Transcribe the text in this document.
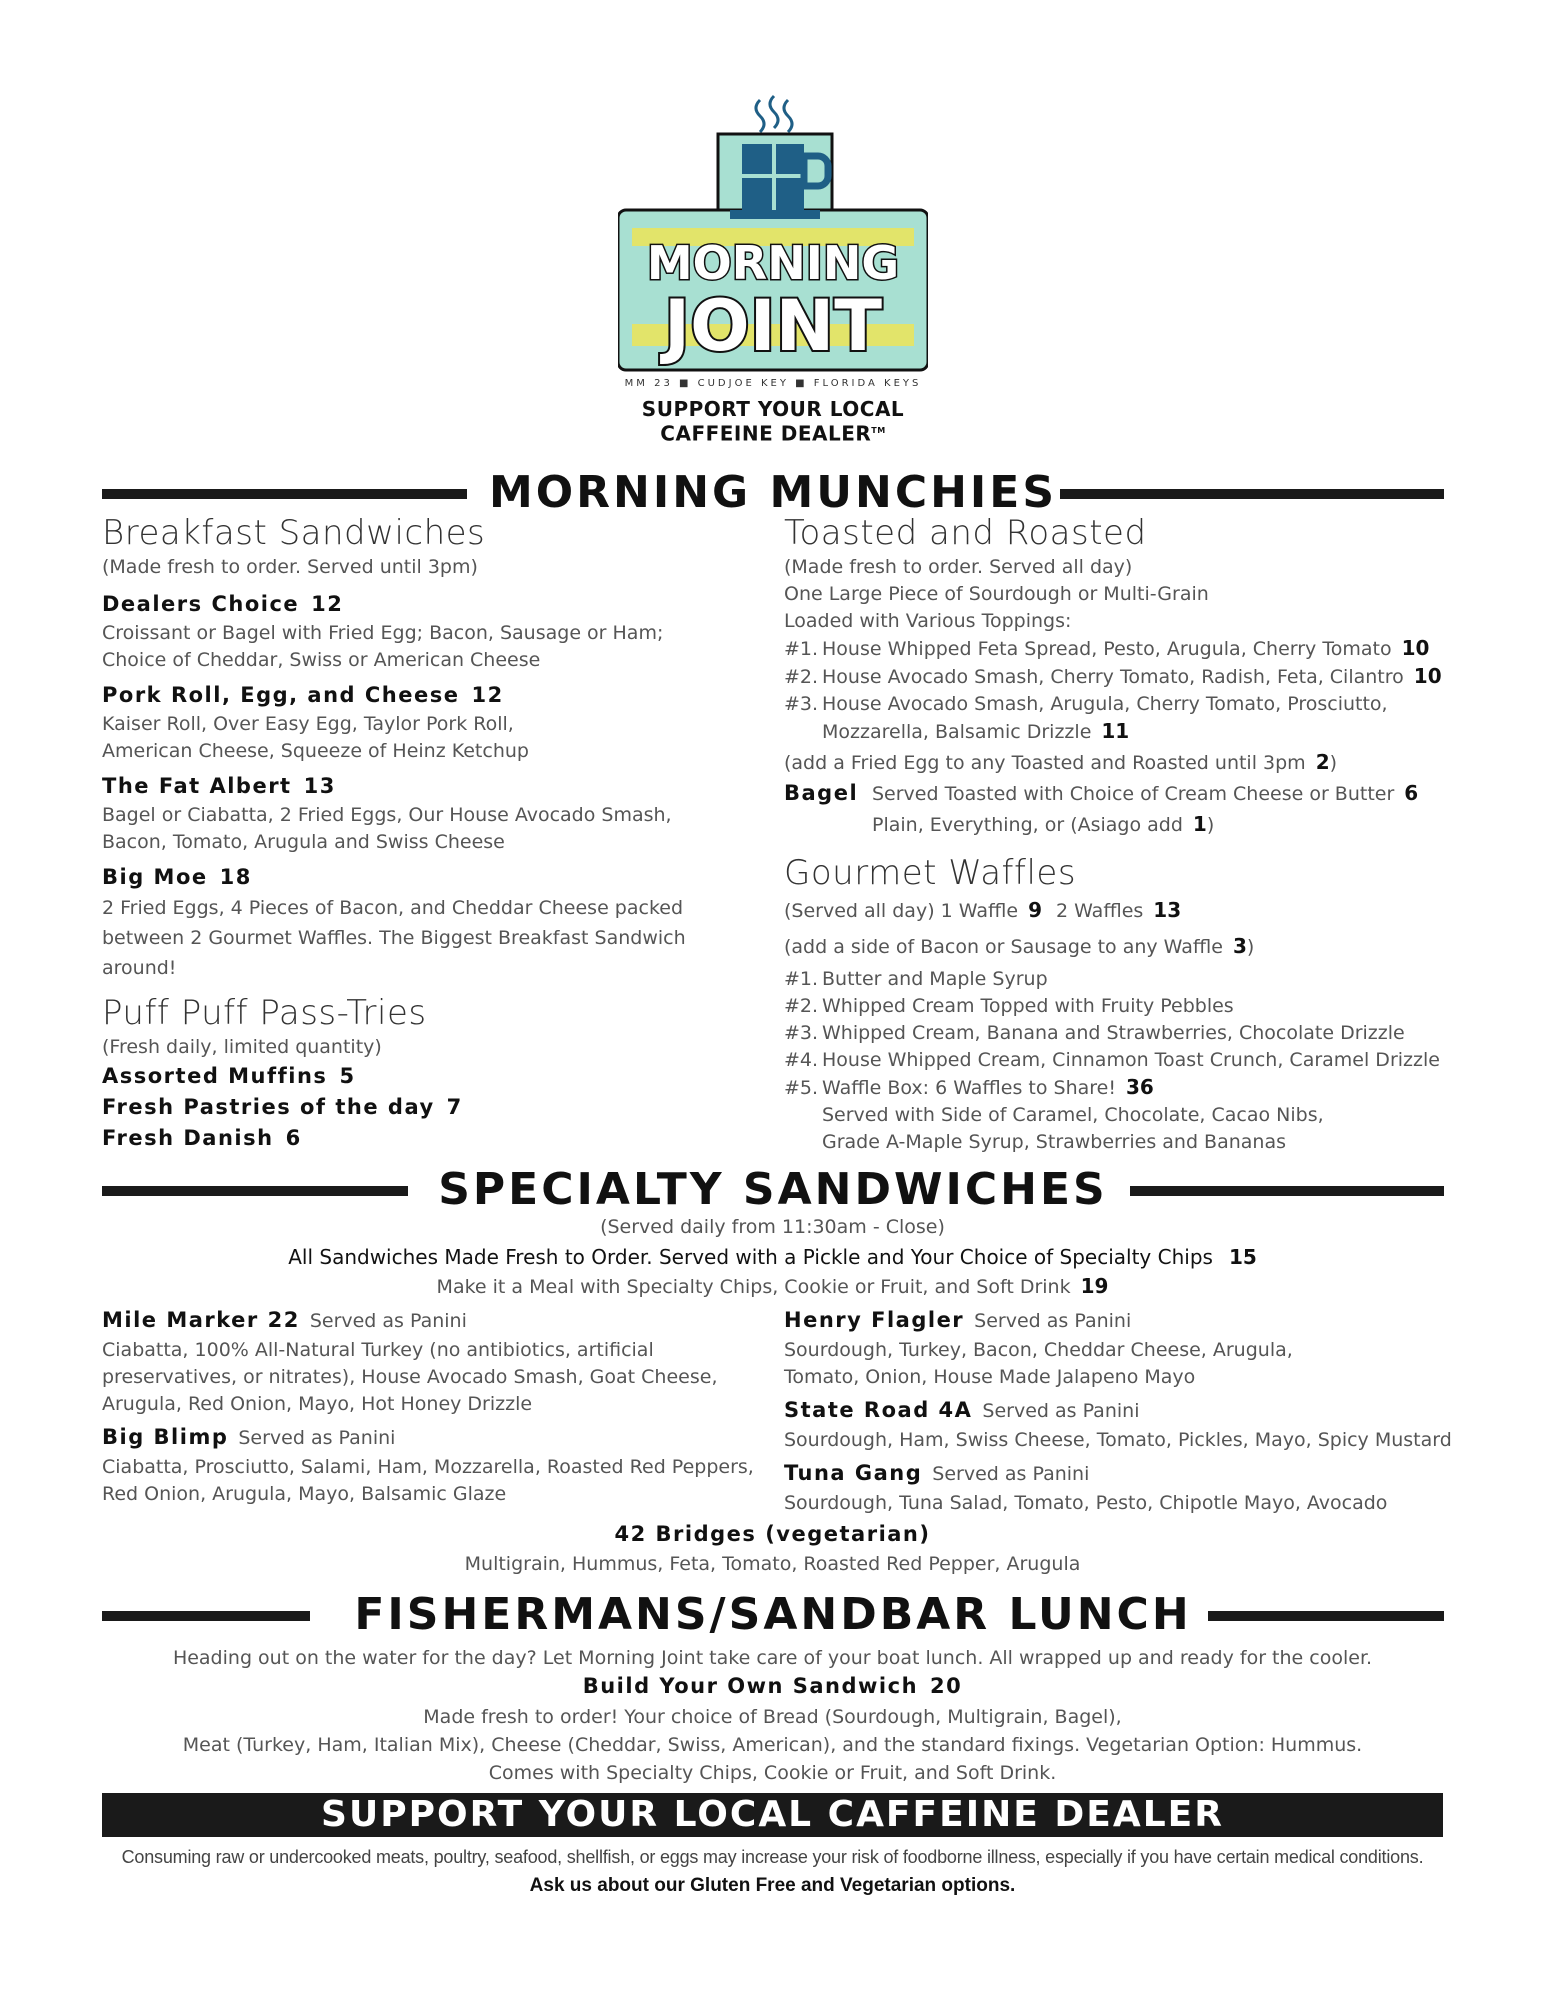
MORNING
JOINT
MM 23 ■ CUDJOE KEY ■ FLORIDA KEYS
SUPPORT YOUR LOCAL
CAFFEINE DEALER™
MORNING MUNCHIES
Breakfast Sandwiches
(Made fresh to order. Served until 3pm)
Dealers Choice 12
Croissant or Bagel with Fried Egg; Bacon, Sausage or Ham;
Choice of Cheddar, Swiss or American Cheese
Pork Roll, Egg, and Cheese 12
Kaiser Roll, Over Easy Egg, Taylor Pork Roll,
American Cheese, Squeeze of Heinz Ketchup
The Fat Albert 13
Bagel or Ciabatta, 2 Fried Eggs, Our House Avocado Smash,
Bacon, Tomato, Arugula and Swiss Cheese
Big Moe 18
2 Fried Eggs, 4 Pieces of Bacon, and Cheddar Cheese packed
between 2 Gourmet Waffles. The Biggest Breakfast Sandwich around!
Puff Puff Pass-Tries
(Fresh daily, limited quantity)
Assorted Muffins 5
Fresh Pastries of the day 7
Fresh Danish 6
Toasted and Roasted
(Made fresh to order. Served all day)
One Large Piece of Sourdough or Multi-Grain
Loaded with Various Toppings:
#1. House Whipped Feta Spread, Pesto, Arugula, Cherry Tomato 10
#2. House Avocado Smash, Cherry Tomato, Radish, Feta, Cilantro 10
#3. House Avocado Smash, Arugula, Cherry Tomato, Prosciutto,
Mozzarella, Balsamic Drizzle 11
(add a Fried Egg to any Toasted and Roasted until 3pm 2)
Bagel Served Toasted with Choice of Cream Cheese or Butter 6
Plain, Everything, or (Asiago add 1)
Gourmet Waffles
(Served all day) 1 Waffle 9 2 Waffles 13
(add a side of Bacon or Sausage to any Waffle 3)
#1. Butter and Maple Syrup
#2. Whipped Cream Topped with Fruity Pebbles
#3. Whipped Cream, Banana and Strawberries, Chocolate Drizzle
#4. House Whipped Cream, Cinnamon Toast Crunch, Caramel Drizzle
#5. Waffle Box: 6 Waffles to Share! 36
Served with Side of Caramel, Chocolate, Cacao Nibs,
Grade A-Maple Syrup, Strawberries and Bananas
SPECIALTY SANDWICHES
(Served daily from 11:30am - Close)
All Sandwiches Made Fresh to Order. Served with a Pickle and Your Choice of Specialty Chips 15
Make it a Meal with Specialty Chips, Cookie or Fruit, and Soft Drink 19
Mile Marker 22 Served as Panini
Ciabatta, 100% All-Natural Turkey (no antibiotics, artificial
preservatives, or nitrates), House Avocado Smash, Goat Cheese,
Arugula, Red Onion, Mayo, Hot Honey Drizzle
Big Blimp Served as Panini
Ciabatta, Prosciutto, Salami, Ham, Mozzarella, Roasted Red Peppers,
Red Onion, Arugula, Mayo, Balsamic Glaze
Henry Flagler Served as Panini
Sourdough, Turkey, Bacon, Cheddar Cheese, Arugula,
Tomato, Onion, House Made Jalapeno Mayo
State Road 4A Served as Panini
Sourdough, Ham, Swiss Cheese, Tomato, Pickles, Mayo, Spicy Mustard
Tuna Gang Served as Panini
Sourdough, Tuna Salad, Tomato, Pesto, Chipotle Mayo, Avocado
42 Bridges (vegetarian)
Multigrain, Hummus, Feta, Tomato, Roasted Red Pepper, Arugula
FISHERMANS/SANDBAR LUNCH
Heading out on the water for the day? Let Morning Joint take care of your boat lunch. All wrapped up and ready for the cooler.
Build Your Own Sandwich 20
Made fresh to order! Your choice of Bread (Sourdough, Multigrain, Bagel),
Meat (Turkey, Ham, Italian Mix), Cheese (Cheddar, Swiss, American), and the standard fixings. Vegetarian Option: Hummus.
Comes with Specialty Chips, Cookie or Fruit, and Soft Drink.
SUPPORT YOUR LOCAL CAFFEINE DEALER
Consuming raw or undercooked meats, poultry, seafood, shellfish, or eggs may increase your risk of foodborne illness, especially if you have certain medical conditions.
Ask us about our Gluten Free and Vegetarian options.
